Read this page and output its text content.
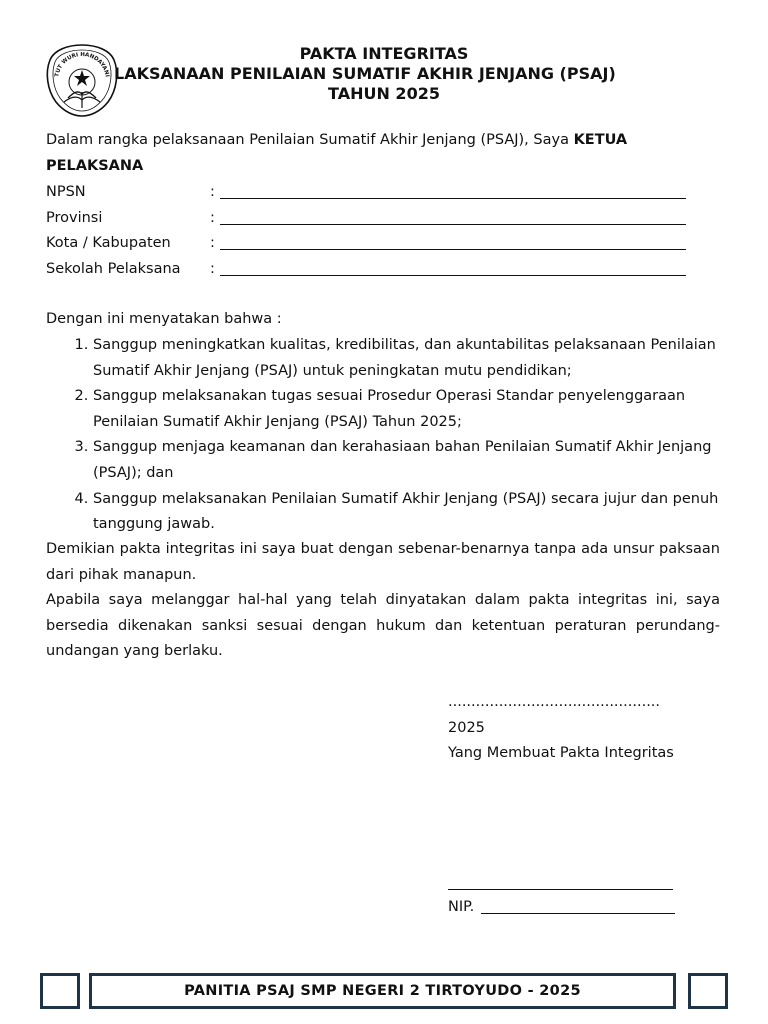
TUT WURI HANDAYANI
PAKTA INTEGRITAS
LAKSANAAN PENILAIAN SUMATIF AKHIR JENJANG (PSAJ)
TAHUN 2025
Dalam rangka pelaksanaan Penilaian Sumatif Akhir Jenjang (PSAJ), Saya KETUA PELAKSANA
NPSN	:
Provinsi	:
Kota / Kabupaten	:
Sekolah Pelaksana :
Dengan ini menyatakan bahwa :
1. Sanggup meningkatkan kualitas, kredibilitas, dan akuntabilitas pelaksanaan Penilaian Sumatif Akhir Jenjang (PSAJ) untuk peningkatan mutu pendidikan;
2. Sanggup melaksanakan tugas sesuai Prosedur Operasi Standar penyelenggaraan Penilaian Sumatif Akhir Jenjang (PSAJ) Tahun 2025;
3. Sanggup menjaga keamanan dan kerahasiaan bahan Penilaian Sumatif Akhir Jenjang (PSAJ); dan
4. Sanggup melaksanakan Penilaian Sumatif Akhir Jenjang (PSAJ) secara jujur dan penuh tanggung jawab.
Demikian pakta integritas ini saya buat dengan sebenar-benarnya tanpa ada unsur paksaan dari pihak manapun.
Apabila saya melanggar hal-hal yang telah dinyatakan dalam pakta integritas ini, saya bersedia dikenakan sanksi sesuai dengan hukum dan ketentuan peraturan perundang-undangan yang berlaku.
..............................................
2025
Yang Membuat Pakta Integritas
NIP.
PANITIA PSAJ SMP NEGERI 2 TIRTOYUDO - 2025
